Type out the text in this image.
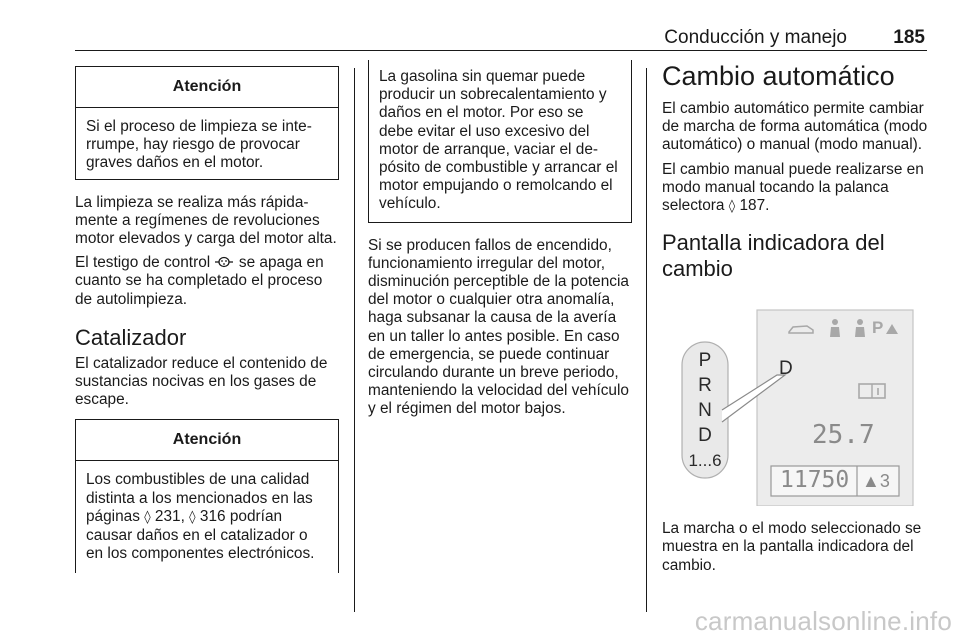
Conducción y manejo 185
Atención

Si el proceso de limpieza se interrumpe, hay riesgo de provocar graves daños en el motor.

La limpieza se realiza más rápidamente a regímenes de revoluciones motor elevados y carga del motor alta.

El testigo de control se apaga en cuanto se ha completado el proceso de autolimpieza.

Catalizador

El catalizador reduce el contenido de sustancias nocivas en los gases de escape.

Atención

Los combustibles de una calidad distinta a los mencionados en las páginas ◊ 231, ◊ 316 podrían causar daños en el catalizador o en los componentes electrónicos.

La gasolina sin quemar puede producir un sobrecalentamiento y daños en el motor. Por eso se debe evitar el uso excesivo del motor de arranque, vaciar el depósito de combustible y arrancar el motor empujando o remolcando el vehículo.

Si se producen fallos de encendido, funcionamiento irregular del motor, disminución perceptible de la potencia del motor o cualquier otra anomalía, haga subsanar la causa de la avería en un taller lo antes posible. En caso de emergencia, se puede continuar circulando durante un breve periodo, manteniendo la velocidad del vehículo y el régimen del motor bajos.

Cambio automático

El cambio automático permite cambiar de marcha de forma automática (modo automático) o manual (modo manual).

El cambio manual puede realizarse en modo manual tocando la palanca selectora ◊ 187.

Pantalla indicadora del cambio
P
P
R
N
D
1...6
D
25.7
11750 ▲3

La marcha o el modo seleccionado se muestra en la pantalla indicadora del cambio.

carmanualsonline.info
